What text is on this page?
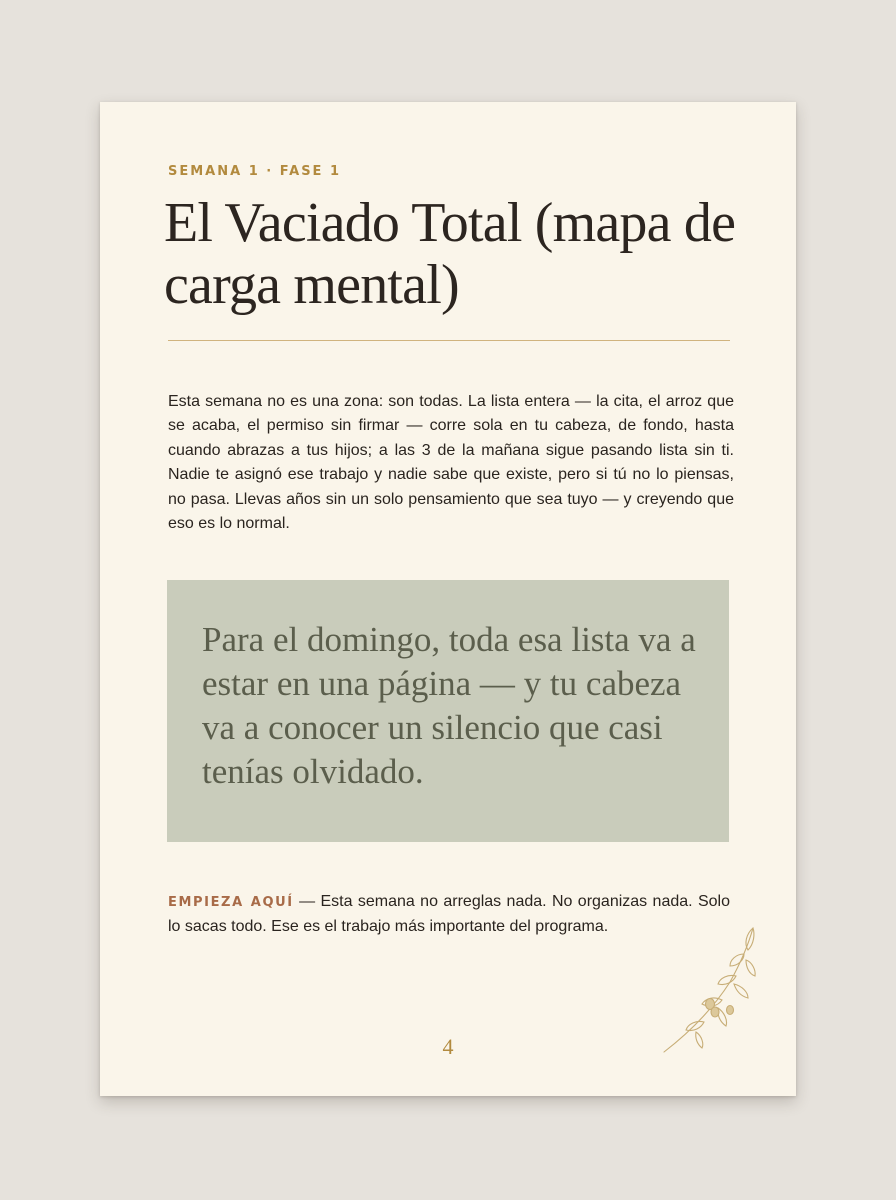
SEMANA 1 · FASE 1
El Vaciado Total (mapa de carga mental)

Esta semana no es una zona: son todas. La lista entera — la cita, el arroz que se acaba, el permiso sin firmar — corre sola en tu cabeza, de fondo, hasta cuando abrazas a tus hijos; a las 3 de la mañana sigue pasando lista sin ti. Nadie te asignó ese trabajo y nadie sabe que existe, pero si tú no lo piensas, no pasa. Llevas años sin un solo pensamiento que sea tuyo — y creyendo que eso es lo normal.

Para el domingo, toda esa lista va a estar en una página — y tu cabeza va a conocer un silencio que casi tenías olvidado.

EMPIEZA AQUÍ — Esta semana no arreglas nada. No organizas nada. Solo lo sacas todo. Ese es el trabajo más importante del programa.

4
